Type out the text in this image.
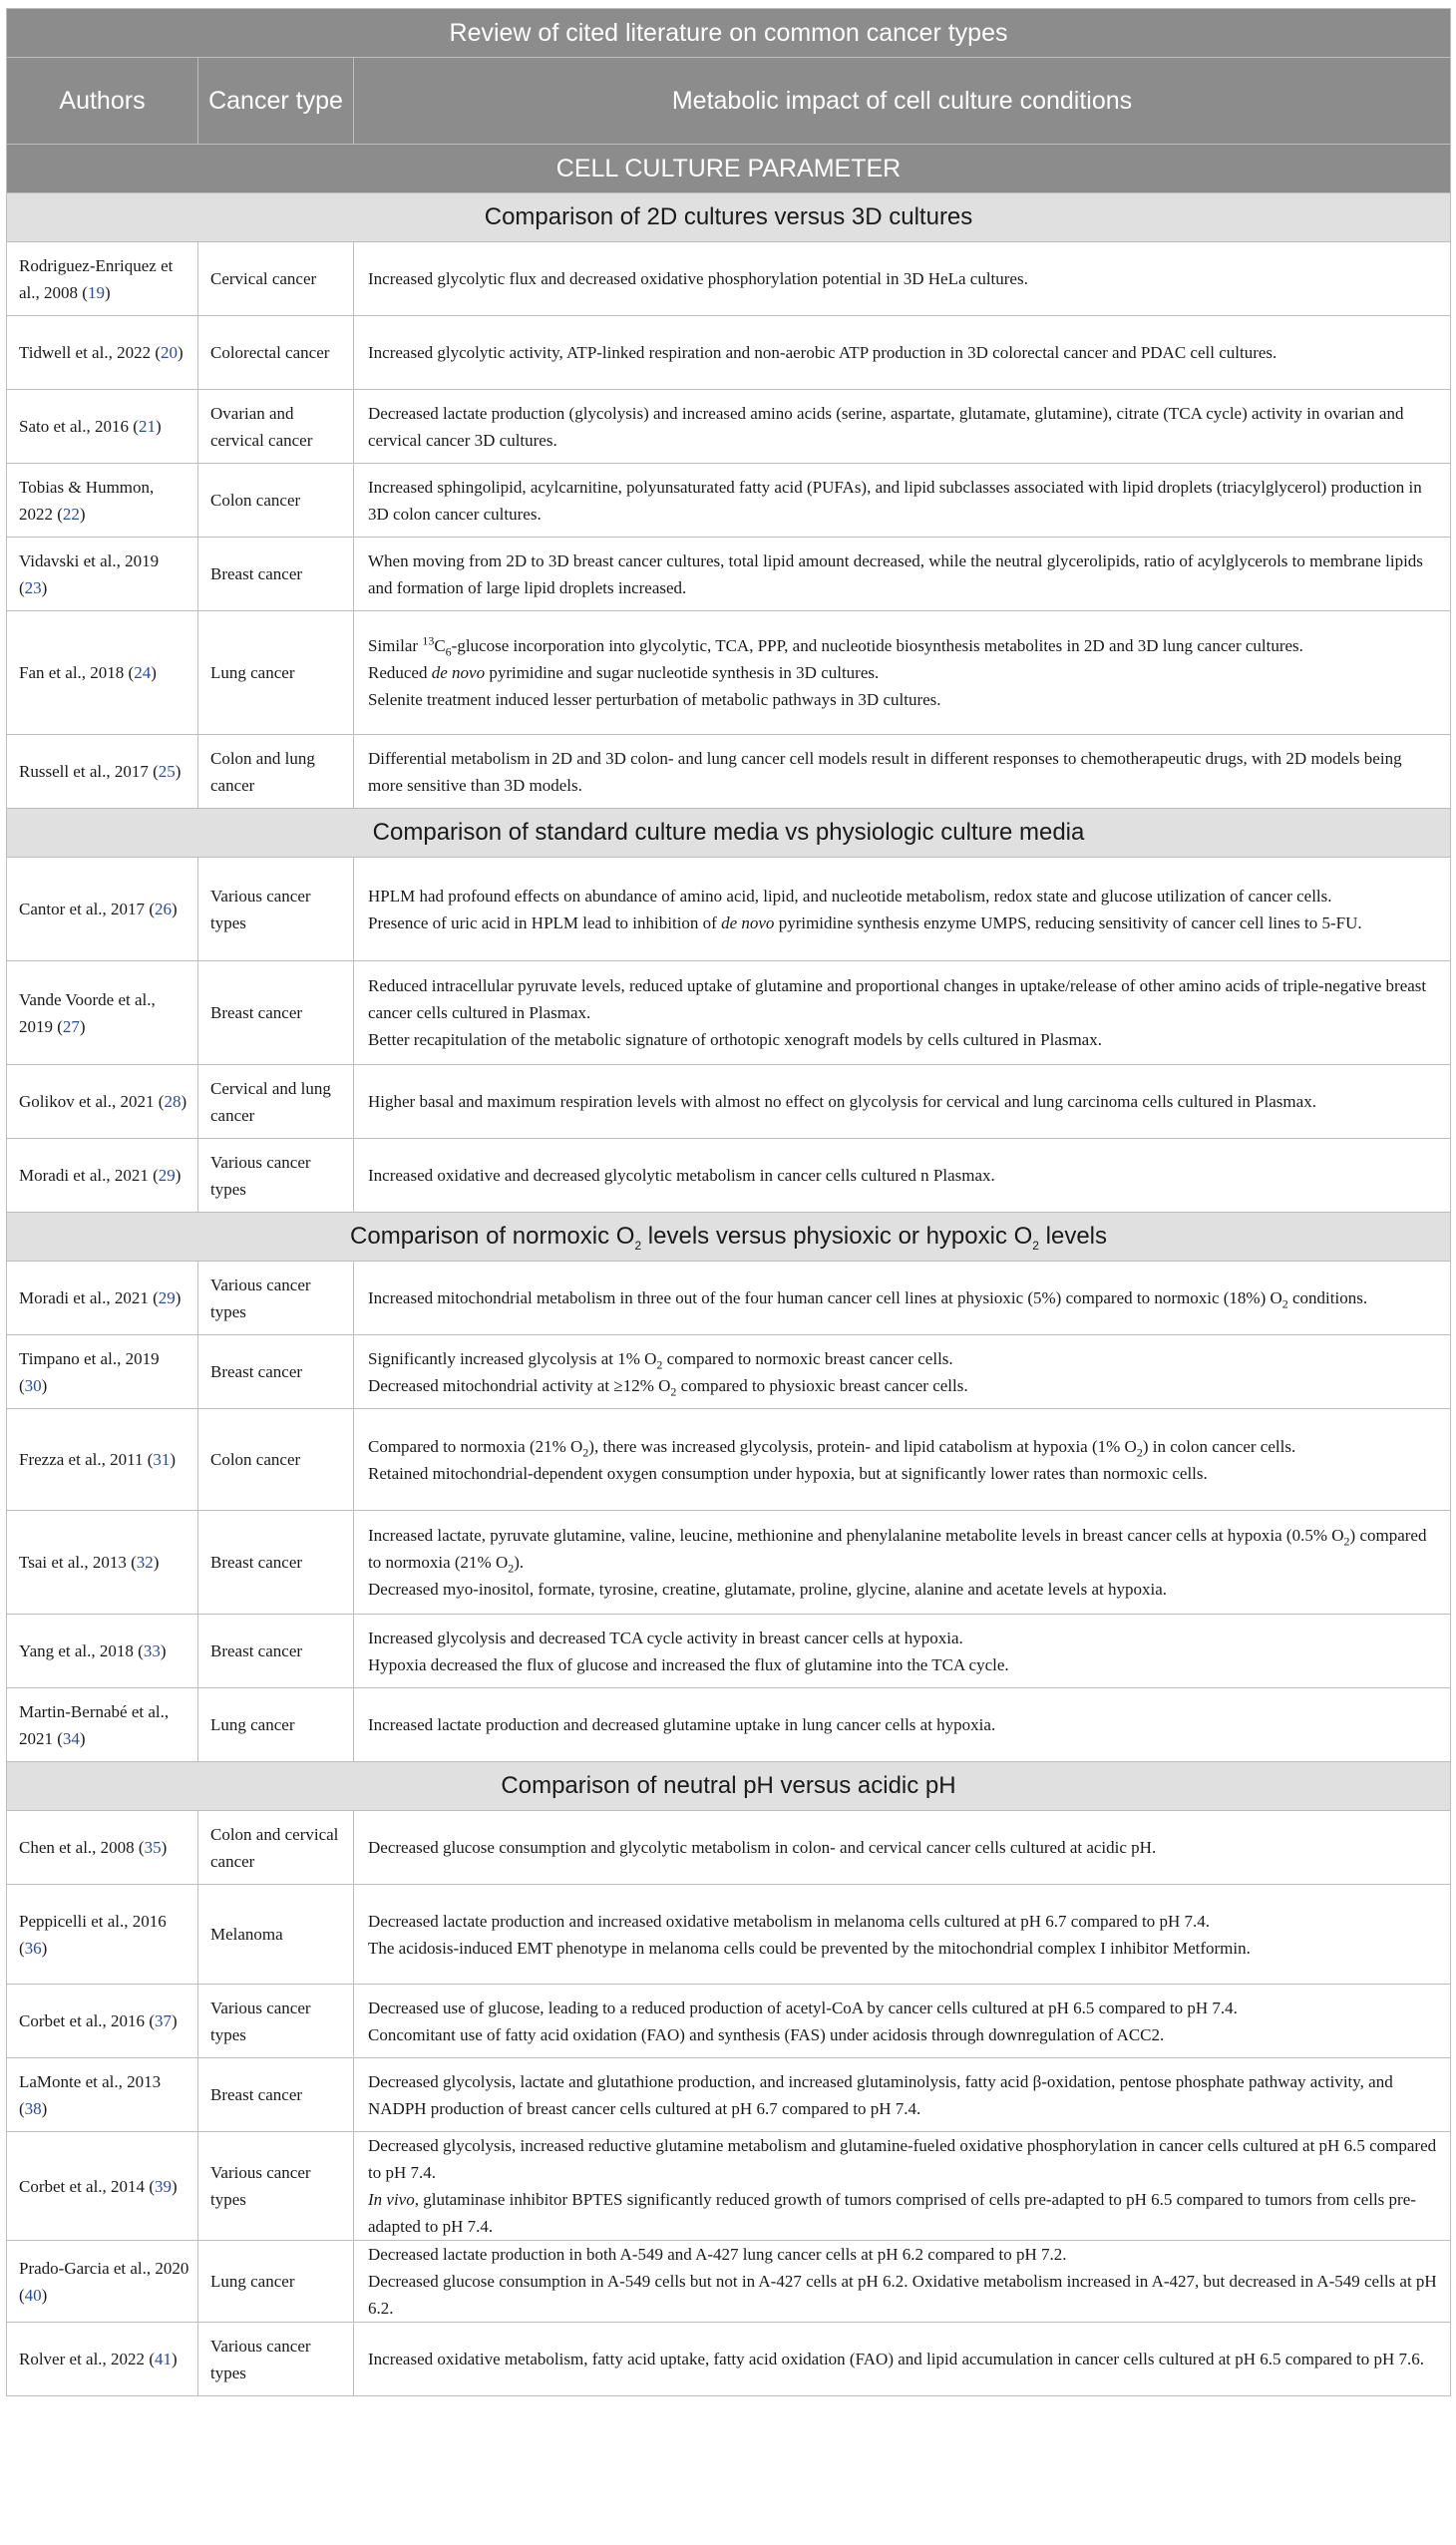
Review of cited literature on common cancer types		
Authors	Cancer type	Metabolic impact of cell culture conditions
CELL CULTURE PARAMETER		
Comparison of 2D cultures versus 3D cultures		
Rodriguez-Enriquez et al., 2008 (19)	Cervical cancer	Increased glycolytic flux and decreased oxidative phosphorylation potential in 3D HeLa cultures.

Tidwell et al., 2022 (20)	Colorectal cancer	Increased glycolytic activity, ATP-linked respiration and non-aerobic ATP production in 3D colorectal cancer and PDAC cell cultures.

Sato et al., 2016 (21)	Ovarian and cervical cancer	Decreased lactate production (glycolysis) and increased amino acids (serine, aspartate, glutamate, glutamine), citrate (TCA cycle) activity in ovarian and cervical cancer 3D cultures.

Tobias & Hummon, 2022 (22)	Colon cancer	Increased sphingolipid, acylcarnitine, polyunsaturated fatty acid (PUFAs), and lipid subclasses associated with lipid droplets (triacylglycerol) production in 3D colon cancer cultures.

Vidavski et al., 2019 (23)	Breast cancer	When moving from 2D to 3D breast cancer cultures, total lipid amount decreased, while the neutral glycerolipids, ratio of acylglycerols to membrane lipids and formation of large lipid droplets increased.

Fan et al., 2018 (24)	Lung cancer	Similar $^{13}C_6$-glucose incorporation into glycolytic, TCA, PPP, and nucleotide biosynthesis metabolites in 2D and 3D lung cancer cultures.
Reduced de novo pyrimidine and sugar nucleotide synthesis in 3D cultures.
Selenite treatment induced lesser perturbation of metabolic pathways in 3D cultures.

Russell et al., 2017 (25)	Colon and lung cancer	Differential metabolism in 2D and 3D colon- and lung cancer cell models result in different responses to chemotherapeutic drugs, with 2D models being more sensitive than 3D models.

Comparison of standard culture media vs physiologic culture media		
Cantor et al., 2017 (26)	Various cancer types	HPLM had profound effects on abundance of amino acid, lipid, and nucleotide metabolism, redox state and glucose utilization of cancer cells.
Presence of uric acid in HPLM lead to inhibition of de novo pyrimidine synthesis enzyme UMPS, reducing sensitivity of cancer cell lines to 5-FU.

Vande Voorde et al., 2019 (27)	Breast cancer	Reduced intracellular pyruvate levels, reduced uptake of glutamine and proportional changes in uptake/release of other amino acids of triple-negative breast cancer cells cultured in Plasmax.
Better recapitulation of the metabolic signature of orthotopic xenograft models by cells cultured in Plasmax.

Golikov et al., 2021 (28)	Cervical and lung cancer	Higher basal and maximum respiration levels with almost no effect on glycolysis for cervical and lung carcinoma cells cultured in Plasmax.

Moradi et al., 2021 (29)	Various cancer types	Increased oxidative and decreased glycolytic metabolism in cancer cells cultured n Plasmax.

Comparison of normoxic $O_2$ levels versus physioxic or hypoxic $O_2$ levels		
Moradi et al., 2021 (29)	Various cancer types	Increased mitochondrial metabolism in three out of the four human cancer cell lines at physioxic (5%) compared to normoxic (18%) $O_2$ conditions.

Timpano et al., 2019 (30)	Breast cancer	Significantly increased glycolysis at 1% $O_2$ compared to normoxic breast cancer cells.
Decreased mitochondrial activity at ≥12% $O_2$ compared to physioxic breast cancer cells.

Frezza et al., 2011 (31)	Colon cancer	Compared to normoxia (21% $O_2$), there was increased glycolysis, protein- and lipid catabolism at hypoxia (1% $O_2$) in colon cancer cells.
Retained mitochondrial-dependent oxygen consumption under hypoxia, but at significantly lower rates than normoxic cells.

Tsai et al., 2013 (32)	Breast cancer	Increased lactate, pyruvate glutamine, valine, leucine, methionine and phenylalanine metabolite levels in breast cancer cells at hypoxia (0.5% $O_2$) compared to normoxia (21% $O_2$).
Decreased myo-inositol, formate, tyrosine, creatine, glutamate, proline, glycine, alanine and acetate levels at hypoxia.

Yang et al., 2018 (33)	Breast cancer	Increased glycolysis and decreased TCA cycle activity in breast cancer cells at hypoxia.
Hypoxia decreased the flux of glucose and increased the flux of glutamine into the TCA cycle.

Martin-Bernabé et al., 2021 (34)	Lung cancer	Increased lactate production and decreased glutamine uptake in lung cancer cells at hypoxia.

Comparison of neutral pH versus acidic pH		
Chen et al., 2008 (35)	Colon and cervical cancer	Decreased glucose consumption and glycolytic metabolism in colon- and cervical cancer cells cultured at acidic pH.

Peppicelli et al., 2016 (36)	Melanoma	Decreased lactate production and increased oxidative metabolism in melanoma cells cultured at pH 6.7 compared to pH 7.4.
The acidosis-induced EMT phenotype in melanoma cells could be prevented by the mitochondrial complex I inhibitor Metformin.

Corbet et al., 2016 (37)	Various cancer types	Decreased use of glucose, leading to a reduced production of acetyl-CoA by cancer cells cultured at pH 6.5 compared to pH 7.4.
Concomitant use of fatty acid oxidation (FAO) and synthesis (FAS) under acidosis through downregulation of ACC2.

LaMonte et al., 2013 (38)	Breast cancer	Decreased glycolysis, lactate and glutathione production, and increased glutaminolysis, fatty acid β-oxidation, pentose phosphate pathway activity, and NADPH production of breast cancer cells cultured at pH 6.7 compared to pH 7.4.

Corbet et al., 2014 (39)	Various cancer types	Decreased glycolysis, increased reductive glutamine metabolism and glutamine-fueled oxidative phosphorylation in cancer cells cultured at pH 6.5 compared to pH 7.4.
In vivo, glutaminase inhibitor BPTES significantly reduced growth of tumors comprised of cells pre-adapted to pH 6.5 compared to tumors from cells pre-adapted to pH 7.4.

Prado-Garcia et al., 2020 (40)	Lung cancer	Decreased lactate production in both A-549 and A-427 lung cancer cells at pH 6.2 compared to pH 7.2.
Decreased glucose consumption in A-549 cells but not in A-427 cells at pH 6.2. Oxidative metabolism increased in A-427, but decreased in A-549 cells at pH 6.2.

Rolver et al., 2022 (41)	Various cancer types	Increased oxidative metabolism, fatty acid uptake, fatty acid oxidation (FAO) and lipid accumulation in cancer cells cultured at pH 6.5 compared to pH 7.6.
